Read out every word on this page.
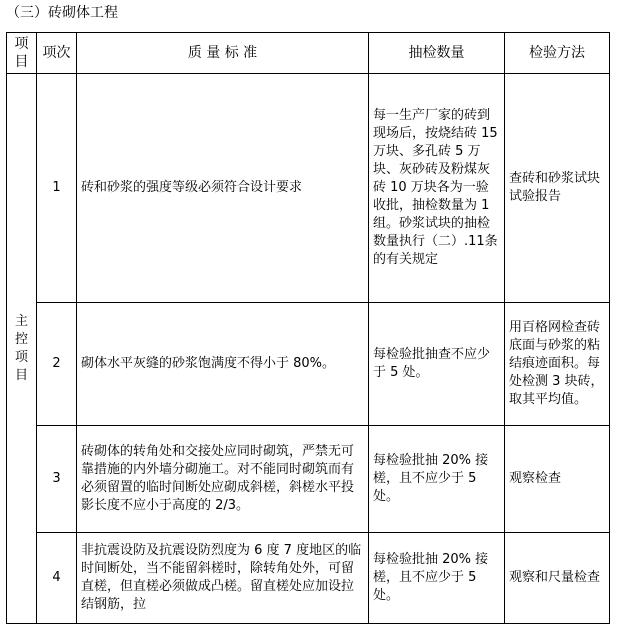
（三）砖砌体工程
项目	项次	质 量 标 准	抽检数量	检验方法
主控项目	1	砖和砂浆的强度等级必须符合设计要求	每一生产厂家的砖到现场后，按烧结砖 15 万块、多孔砖 5 万块、灰砂砖及粉煤灰砖 10 万块各为一验收批，抽检数量为 1 组。砂浆试块的抽检数量执行（二）.11条的有关规定	查砖和砂浆试块试验报告
	2	砌体水平灰缝的砂浆饱满度不得小于 80%。	每检验批抽查不应少于 5 处。	用百格网检查砖底面与砂浆的粘结痕迹面积。每处检测 3 块砖，取其平均值。
	3	砖砌体的转角处和交接处应同时砌筑，严禁无可靠措施的内外墙分砌施工。对不能同时砌筑而有必须留置的临时间断处应砌成斜槎，斜槎水平投影长度不应小于高度的 2/3。	每检验批抽 20% 接槎，且不应少于 5 处。	观察检查
	4	非抗震设防及抗震设防烈度为 6 度 7 度地区的临时间断处，当不能留斜槎时，除转角处外，可留直槎，但直槎必须做成凸槎。留直槎处应加设拉结钢筋，拉	每检验批抽 20% 接槎，且不应少于 5 处。	观察和尺量检查
